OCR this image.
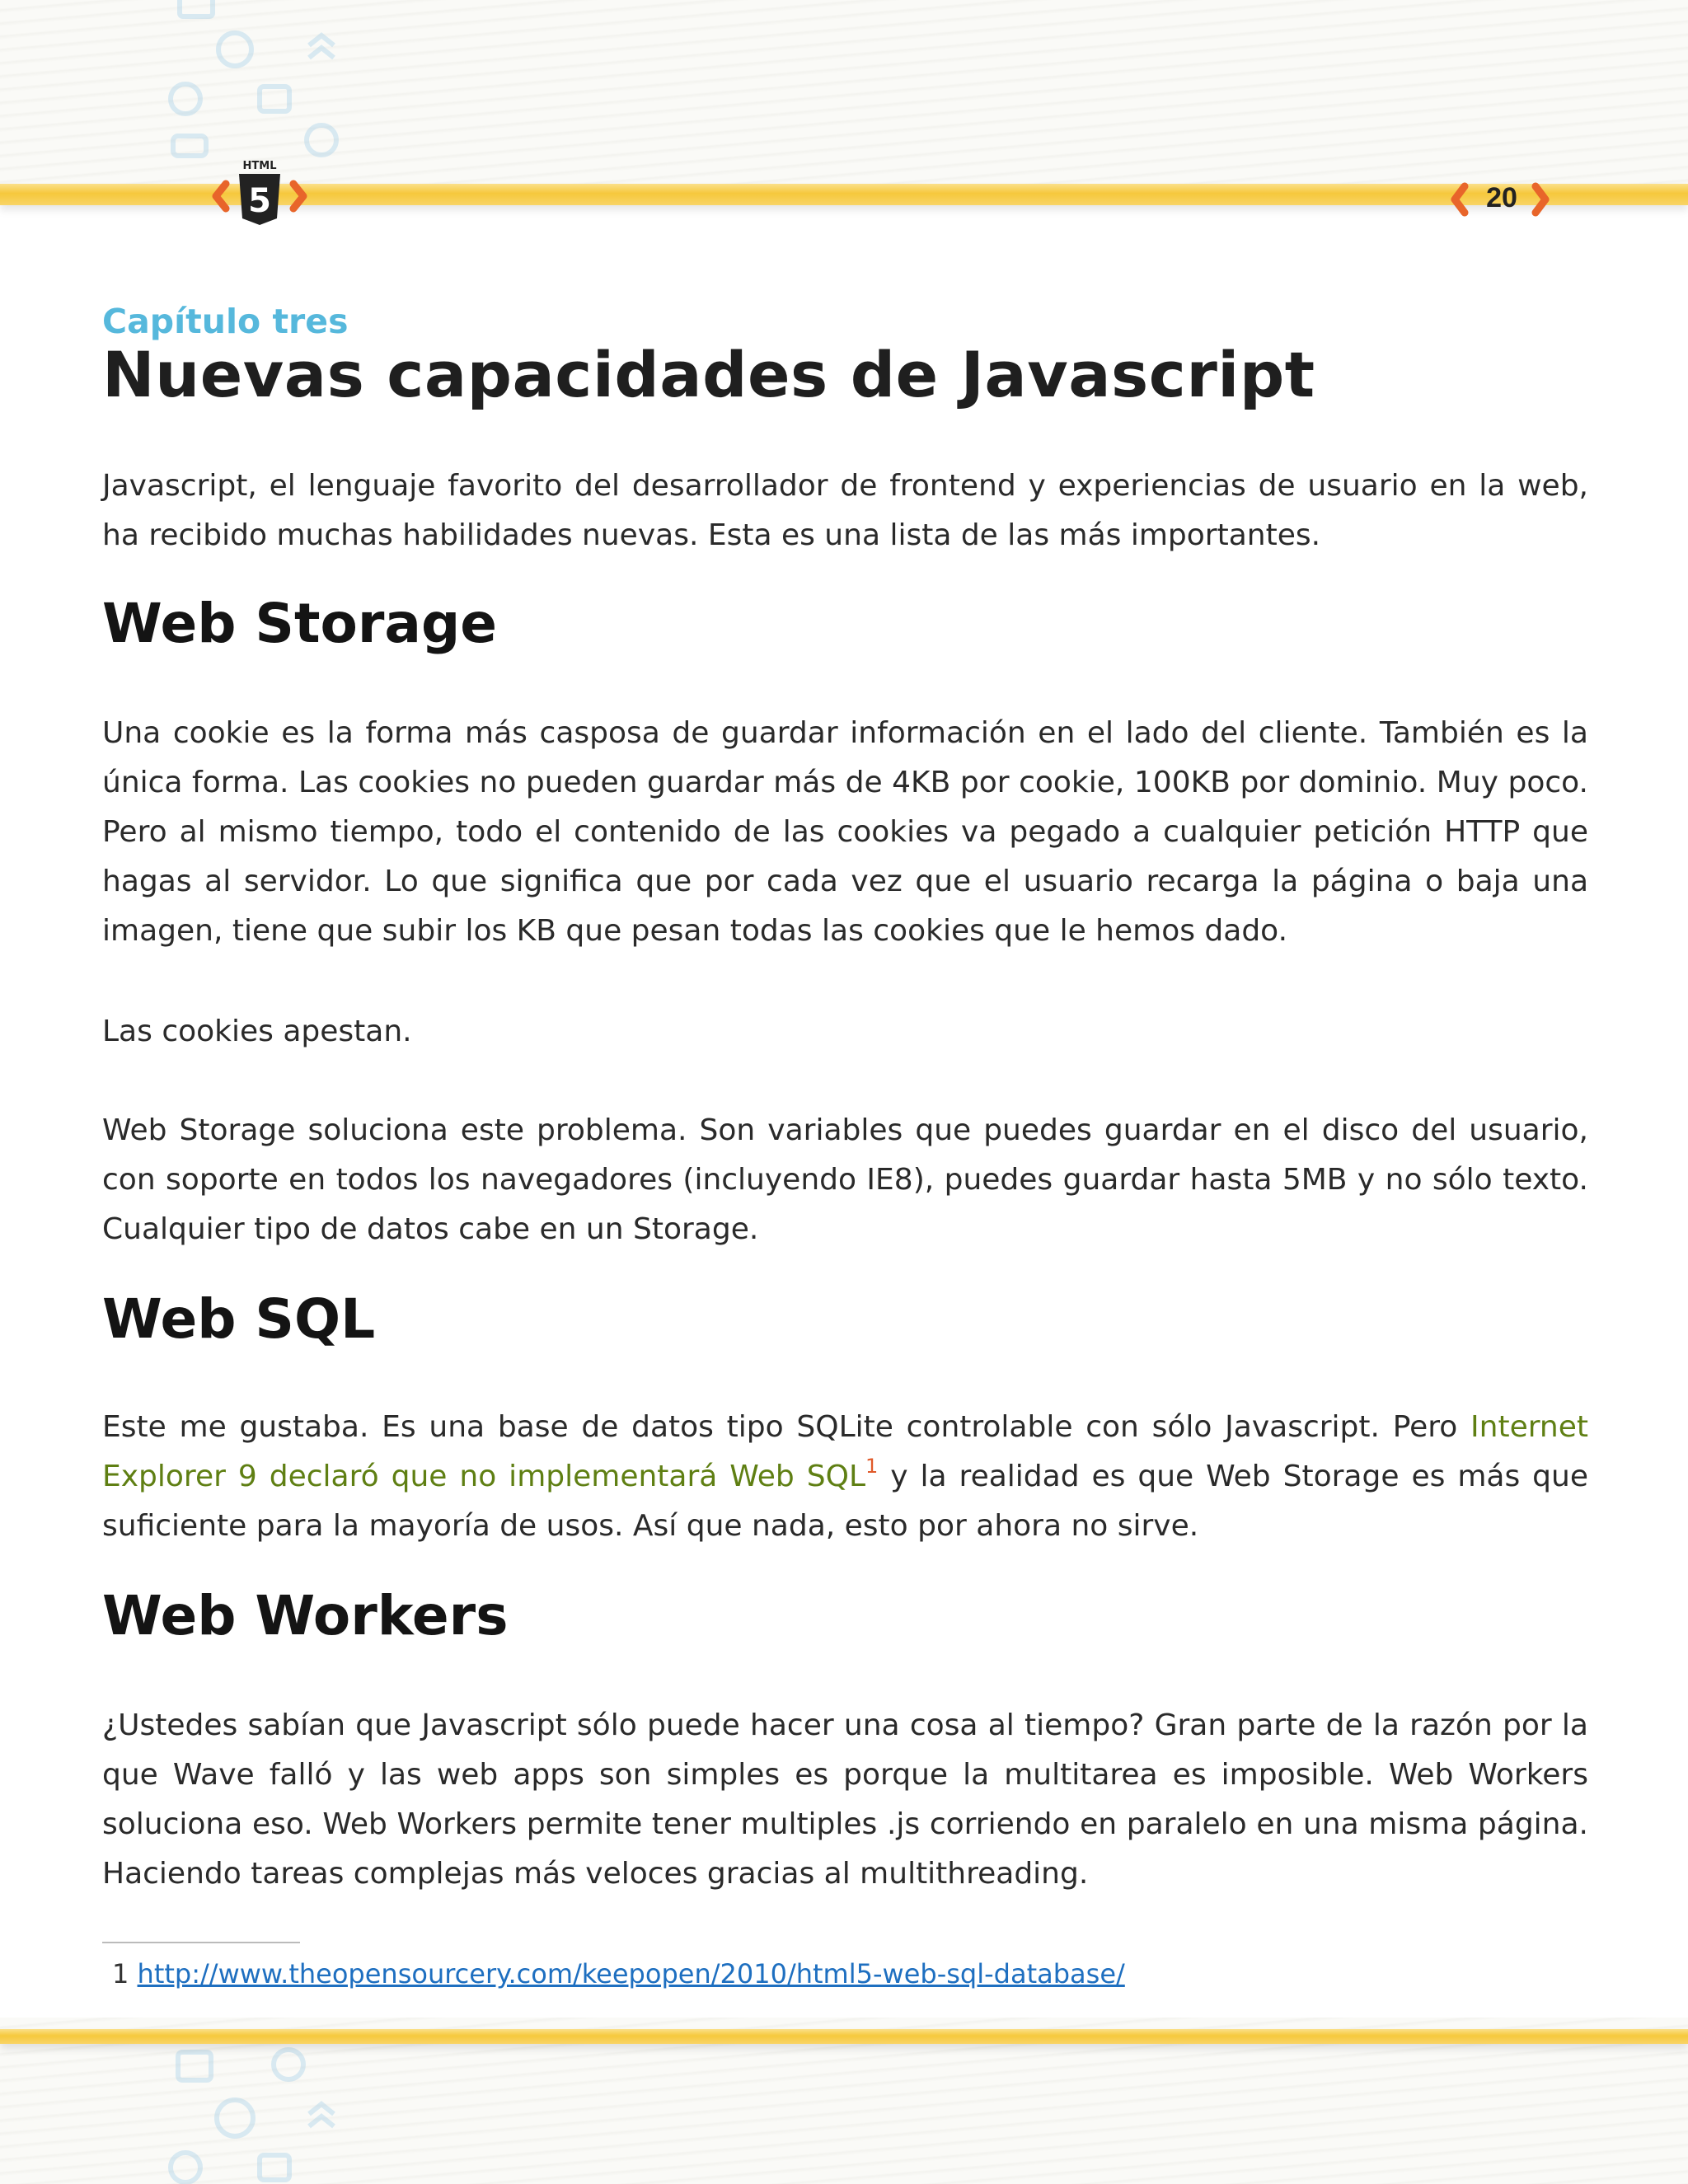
HTML
5	20
Capítulo tres
Nuevas capacidades de Javascript

Javascript, el lenguaje favorito del desarrollador de frontend y experiencias de usuario en la web, ha recibido muchas habilidades nuevas. Esta es una lista de las más importantes.

Web Storage

Una cookie es la forma más casposa de guardar información en el lado del cliente. También es la única forma. Las cookies no pueden guardar más de 4KB por cookie, 100KB por dominio. Muy poco. Pero al mismo tiempo, todo el contenido de las cookies va pegado a cualquier petición HTTP que hagas al servidor. Lo que significa que por cada vez que el usuario recarga la página o baja una imagen, tiene que subir los KB que pesan todas las cookies que le hemos dado.

Las cookies apestan.

Web Storage soluciona este problema. Son variables que puedes guardar en el disco del usuario, con soporte en todos los navegadores (incluyendo IE8), puedes guardar hasta 5MB y no sólo texto. Cualquier tipo de datos cabe en un Storage.

Web SQL

Este me gustaba. Es una base de datos tipo SQLite controlable con sólo Javascript. Pero Internet Explorer 9 declaró que no implementará Web SQL$^1$ y la realidad es que Web Storage es más que suficiente para la mayoría de usos. Así que nada, esto por ahora no sirve.

Web Workers

¿Ustedes sabían que Javascript sólo puede hacer una cosa al tiempo? Gran parte de la razón por la que Wave falló y las web apps son simples es porque la multitarea es imposible. Web Workers soluciona eso. Web Workers permite tener multiples .js corriendo en paralelo en una misma página. Haciendo tareas complejas más veloces gracias al multithreading.

1 http://www.theopensourcery.com/keepopen/2010/html5-web-sql-database/
